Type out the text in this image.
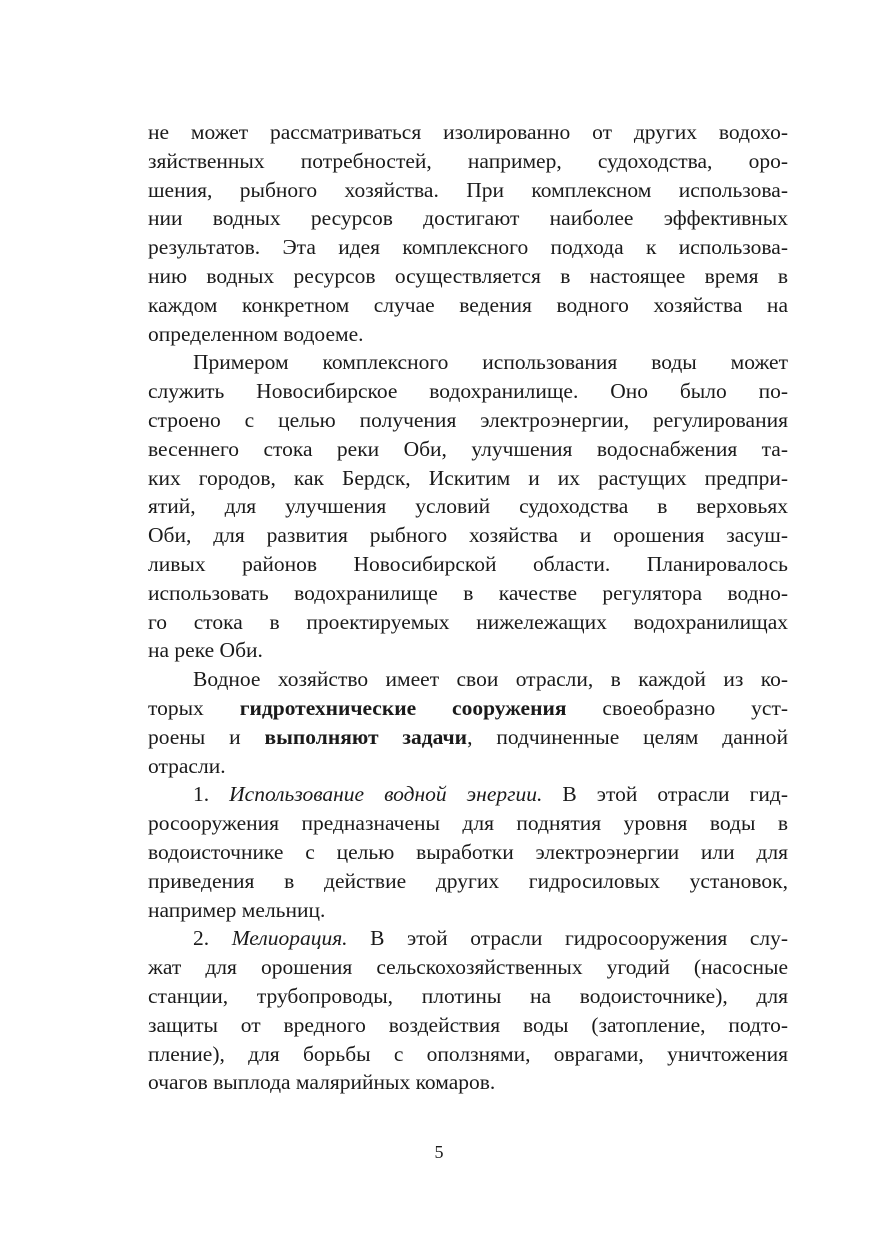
не может рассматриваться изолированно от других водохо-
зяйственных потребностей, например, судоходства, оро-
шения, рыбного хозяйства. При комплексном использова-
нии водных ресурсов достигают наиболее эффективных
результатов. Эта идея комплексного подхода к использова-
нию водных ресурсов осуществляется в настоящее время в
каждом конкретном случае ведения водного хозяйства на
определенном водоеме.
Примером комплексного использования воды может
служить Новосибирское водохранилище. Оно было по-
строено с целью получения электроэнергии, регулирования
весеннего стока реки Оби, улучшения водоснабжения та-
ких городов, как Бердск, Искитим и их растущих предпри-
ятий, для улучшения условий судоходства в верховьях
Оби, для развития рыбного хозяйства и орошения засуш-
ливых районов Новосибирской области. Планировалось
использовать водохранилище в качестве регулятора водно-
го стока в проектируемых нижележащих водохранилищах
на реке Оби.
Водное хозяйство имеет свои отрасли, в каждой из ко-
торых гидротехнические сооружения своеобразно уст-
роены и выполняют задачи, подчиненные целям данной
отрасли.
1. Использование водной энергии. В этой отрасли гид-
росооружения предназначены для поднятия уровня воды в
водоисточнике с целью выработки электроэнергии или для
приведения в действие других гидросиловых установок,
например мельниц.
2. Мелиорация. В этой отрасли гидросооружения слу-
жат для орошения сельскохозяйственных угодий (насосные
станции, трубопроводы, плотины на водоисточнике), для
защиты от вредного воздействия воды (затопление, подто-
пление), для борьбы с оползнями, оврагами, уничтожения
очагов выплода малярийных комаров.
5
